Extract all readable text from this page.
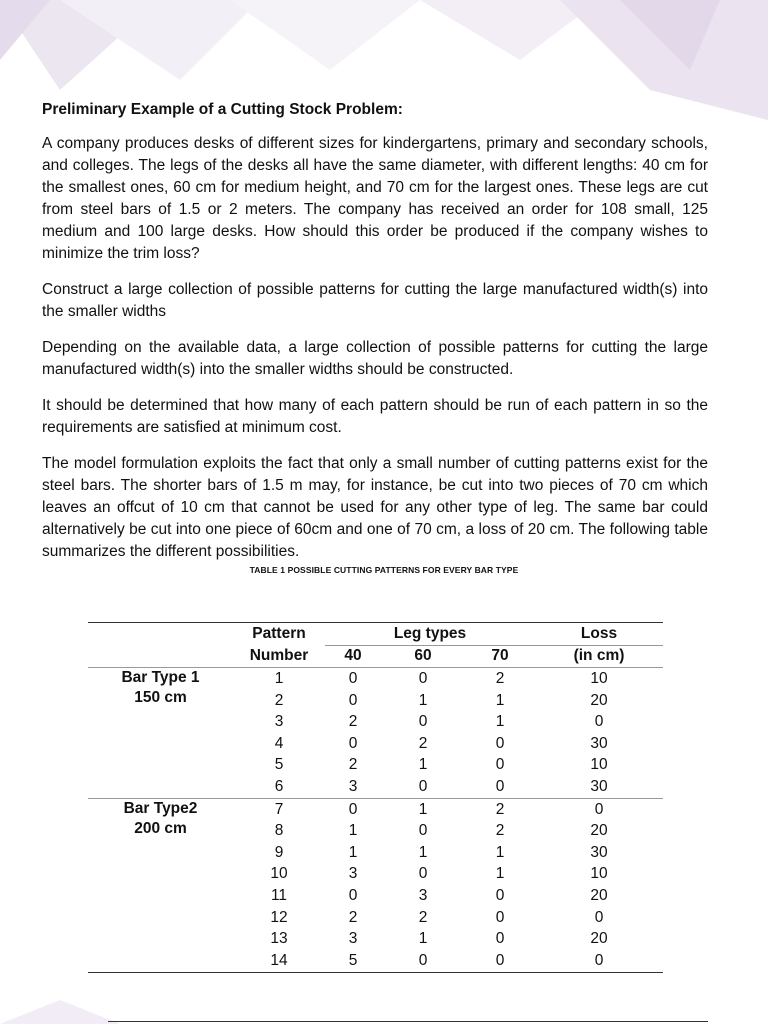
Preliminary Example of a Cutting Stock Problem:

A company produces desks of different sizes for kindergartens, primary and secondary schools, and colleges. The legs of the desks all have the same diameter, with different lengths: 40 cm for the smallest ones, 60 cm for medium height, and 70 cm for the largest ones. These legs are cut from steel bars of 1.5 or 2 meters. The company has received an order for 108 small, 125 medium and 100 large desks. How should this order be produced if the company wishes to minimize the trim loss?

Construct a large collection of possible patterns for cutting the large manufactured width(s) into the smaller widths

Depending on the available data, a large collection of possible patterns for cutting the large manufactured width(s) into the smaller widths should be constructed.

It should be determined that how many of each pattern should be run of each pattern in so the requirements are satisfied at minimum cost.

The model formulation exploits the fact that only a small number of cutting patterns exist for the steel bars. The shorter bars of 1.5 m may, for instance, be cut into two pieces of 70 cm which leaves an offcut of 10 cm that cannot be used for any other type of leg. The same bar could alternatively be cut into one piece of 60cm and one of 70 cm, a loss of 20 cm. The following table summarizes the different possibilities.

TABLE 1 POSSIBLE CUTTING PATTERNS FOR EVERY BAR TYPE
	Pattern	Leg types			Loss
	Number	40	60	70	(in cm)

Bar Type 1
150 cm	1	0	0	2	10
	2	0	1	1	20
	3	2	0	1	0
	4	0	2	0	30
	5	2	1	0	10
	6	3	0	0	30

Bar Type2
200 cm	7	0	1	2	0
	8	1	0	2	20
	9	1	1	1	30
	10	3	0	1	10
	11	0	3	0	20
	12	2	2	0	0
	13	3	1	0	20
	14	5	0	0	0
